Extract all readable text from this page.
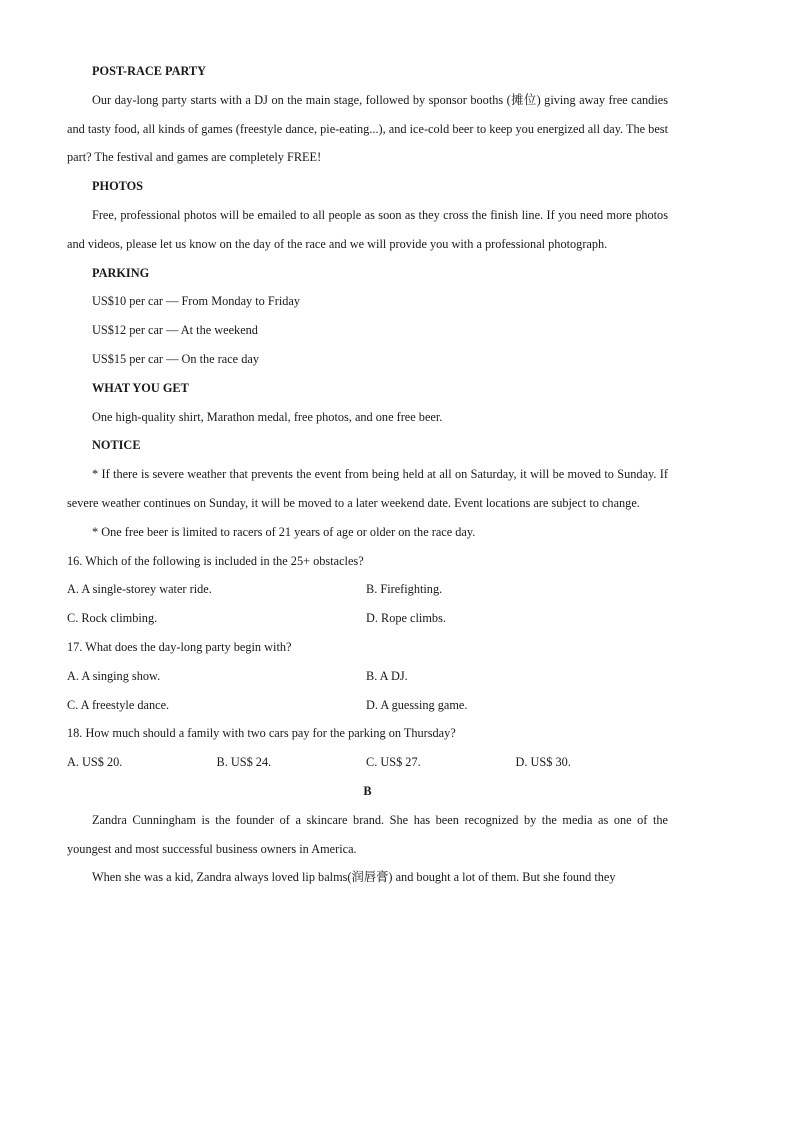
POST-RACE PARTY

Our day-long party starts with a DJ on the main stage, followed by sponsor booths (摊位) giving away free candies and tasty food, all kinds of games (freestyle dance, pie-eating...), and ice-cold beer to keep you energized all day. The best part? The festival and games are completely FREE!

PHOTOS

Free, professional photos will be emailed to all people as soon as they cross the finish line. If you need more photos and videos, please let us know on the day of the race and we will provide you with a professional photograph.

PARKING
US$10 per car — From Monday to Friday
US$12 per car — At the weekend
US$15 per car — On the race day
WHAT YOU GET
One high-quality shirt, Marathon medal, free photos, and one free beer.
NOTICE

* If there is severe weather that prevents the event from being held at all on Saturday, it will be moved to Sunday. If severe weather continues on Sunday, it will be moved to a later weekend date. Event locations are subject to change.

* One free beer is limited to racers of 21 years of age or older on the race day.

16. Which of the following is included in the 25+ obstacles?
A. A single-storey water ride.	B. Firefighting.
C. Rock climbing.	D. Rope climbs.
17. What does the day-long party begin with?
A. A singing show.	B. A DJ.
C. A freestyle dance.	D. A guessing game.
18. How much should a family with two cars pay for the parking on Thursday?
A. US$ 20.	B. US$ 24.	C. US$ 27.	D. US$ 30.
B

Zandra Cunningham is the founder of a skincare brand. She has been recognized by the media as one of the youngest and most successful business owners in America.

When she was a kid, Zandra always loved lip balms(润唇膏) and bought a lot of them. But she found they
